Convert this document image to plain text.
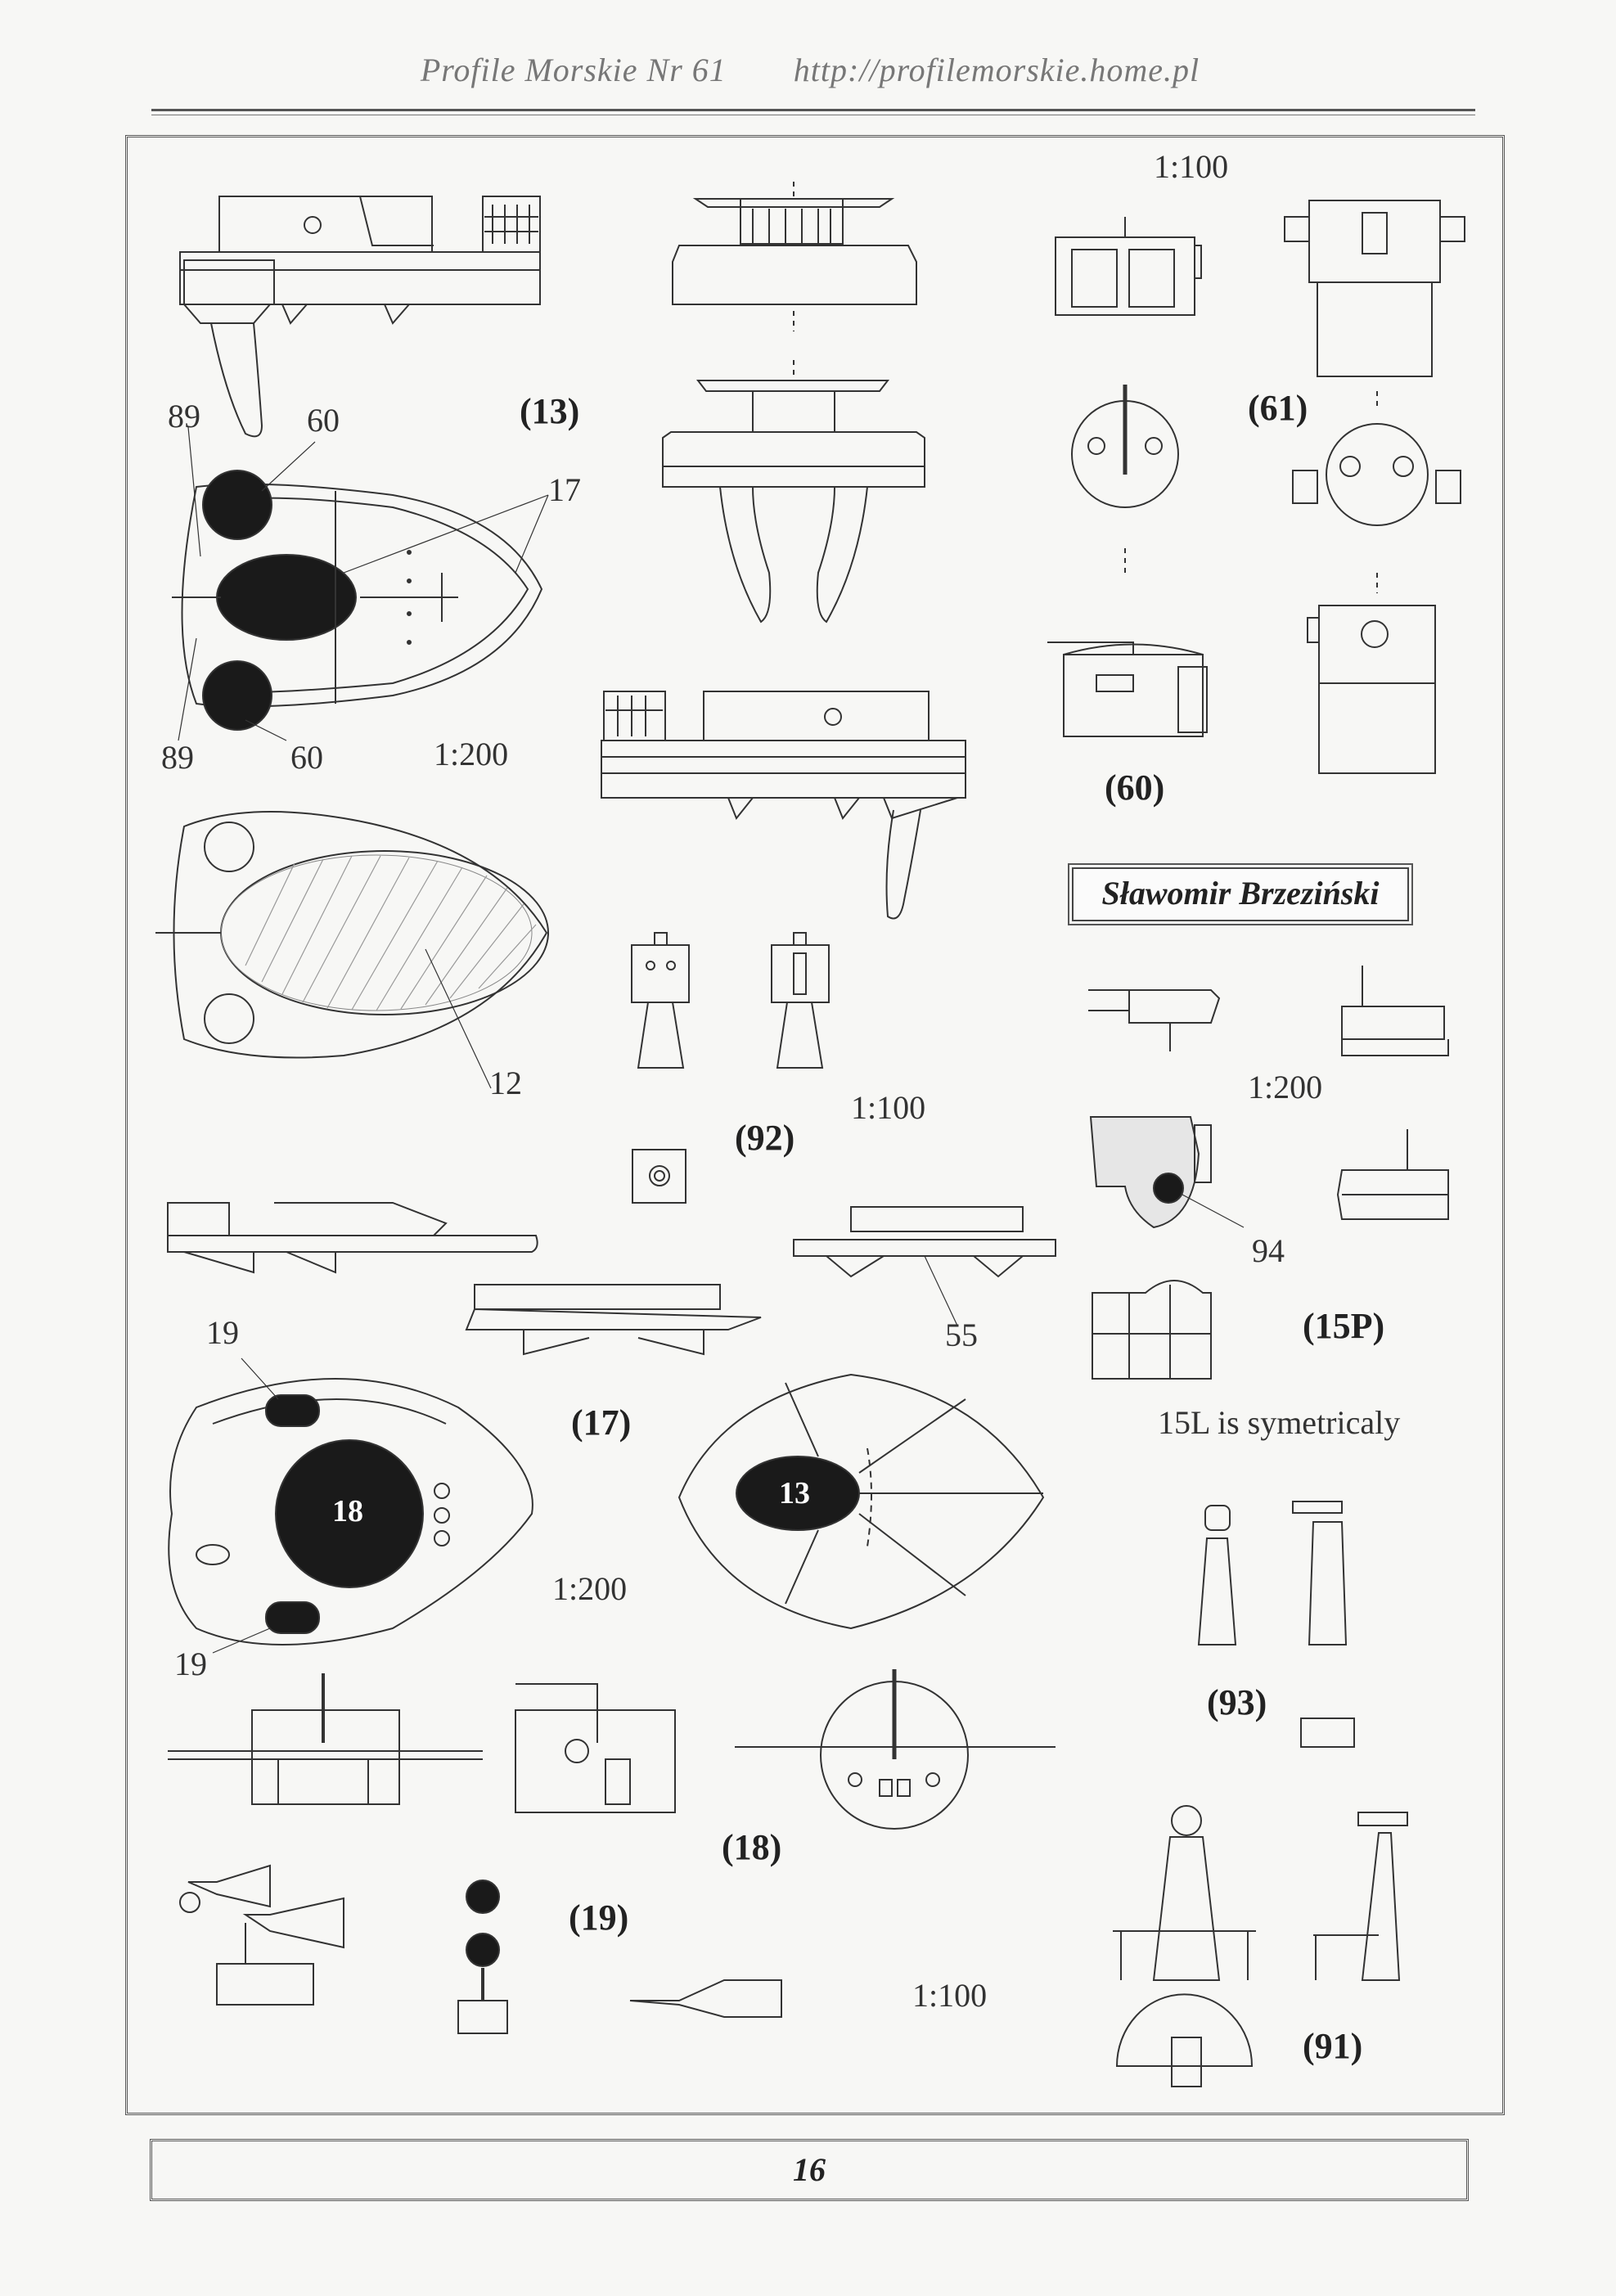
Profile Morskie Nr 61 http://profilemorskie.home.pl
1:100
1:200
1:100
1:200
1:200
1:100
(13)	(61)
(60)
(92)
(17)
(15P)
(93)
(18)
(19)
(91)
89	60
17
89	60
12
94
55
19
19
18
13
15L is symetricaly
Sławomir Brzeziński
16
